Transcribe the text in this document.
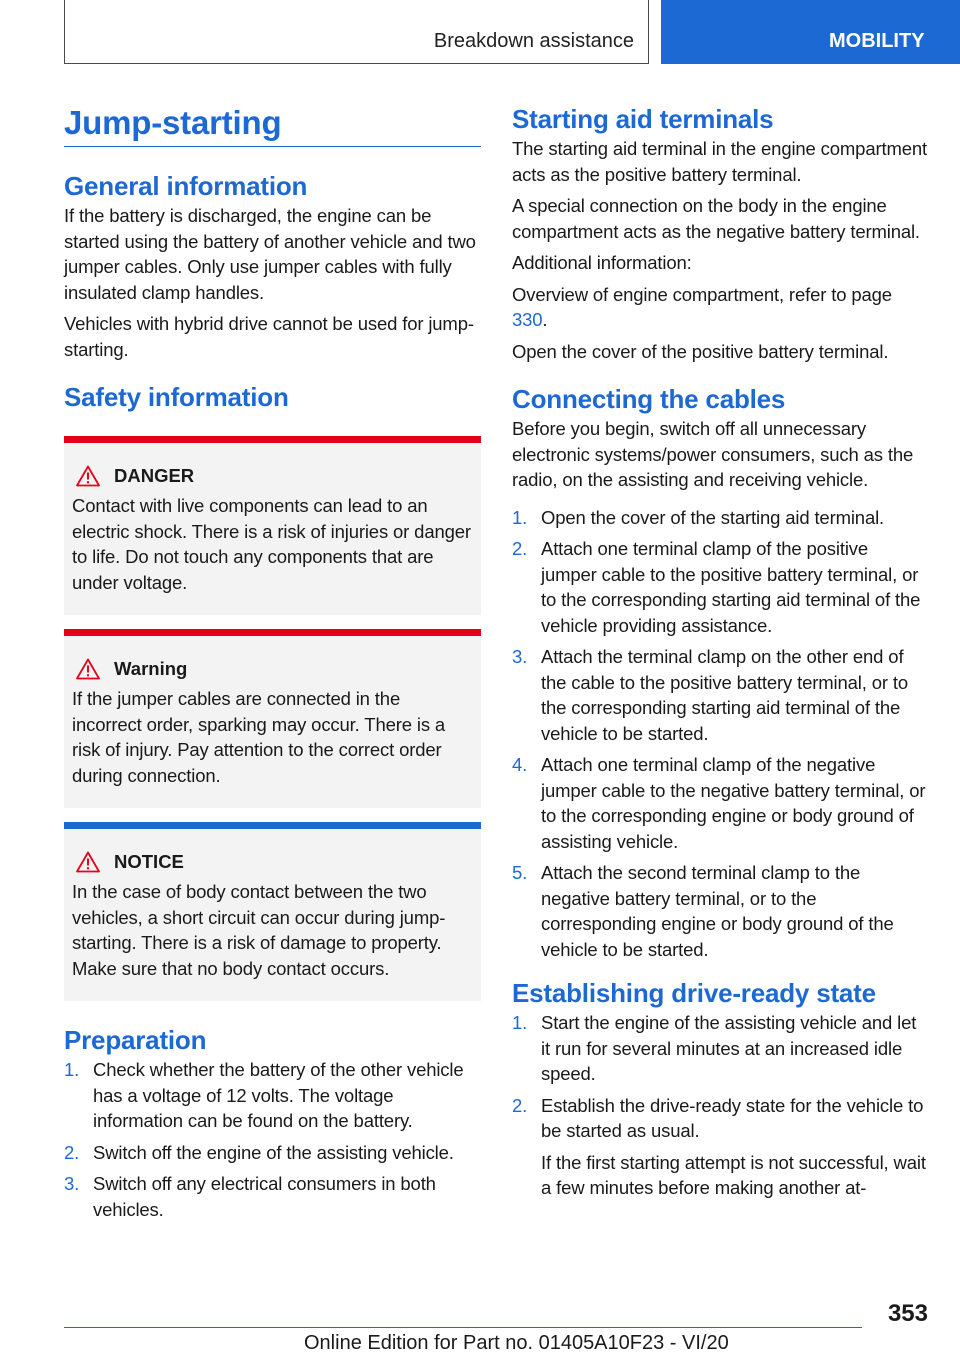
Breakdown assistance	MOBILITY
Jump-starting
General information

If the battery is discharged, the engine can be started using the battery of another vehicle and two jumper cables. Only use jumper cables with fully insulated clamp handles.

Vehicles with hybrid drive cannot be used for jump-starting.

Safety information
DANGER

Contact with live components can lead to an electric shock. There is a risk of injuries or danger to life. Do not touch any components that are under voltage.

Warning

If the jumper cables are connected in the incorrect order, sparking may occur. There is a risk of injury. Pay attention to the correct order during connection.

NOTICE

In the case of body contact between the two vehicles, a short circuit can occur during jump-starting. There is a risk of damage to property. Make sure that no body contact occurs.

Preparation
1. Check whether the battery of the other vehicle has a voltage of 12 volts. The voltage information can be found on the battery.
2. Switch off the engine of the assisting vehicle.
3. Switch off any electrical consumers in both vehicles.
Starting aid terminals

The starting aid terminal in the engine compartment acts as the positive battery terminal.

A special connection on the body in the engine compartment acts as the negative battery terminal.

Additional information:

Overview of engine compartment, refer to page 330.

Open the cover of the positive battery terminal.

Connecting the cables

Before you begin, switch off all unnecessary electronic systems/power consumers, such as the radio, on the assisting and receiving vehicle.

1. Open the cover of the starting aid terminal.
2. Attach one terminal clamp of the positive jumper cable to the positive battery terminal, or to the corresponding starting aid terminal of the vehicle providing assistance.
3. Attach the terminal clamp on the other end of the cable to the positive battery terminal, or to the corresponding starting aid terminal of the vehicle to be started.
4. Attach one terminal clamp of the negative jumper cable to the negative battery terminal, or to the corresponding engine or body ground of assisting vehicle.
5. Attach the second terminal clamp to the negative battery terminal, or to the corresponding engine or body ground of the vehicle to be started.
Establishing drive-ready state
1. Start the engine of the assisting vehicle and let it run for several minutes at an increased idle speed.
2. Establish the drive-ready state for the vehicle to be started as usual.

If the first starting attempt is not successful, wait a few minutes before making another at-

353
Online Edition for Part no. 01405A10F23 - VI/20
